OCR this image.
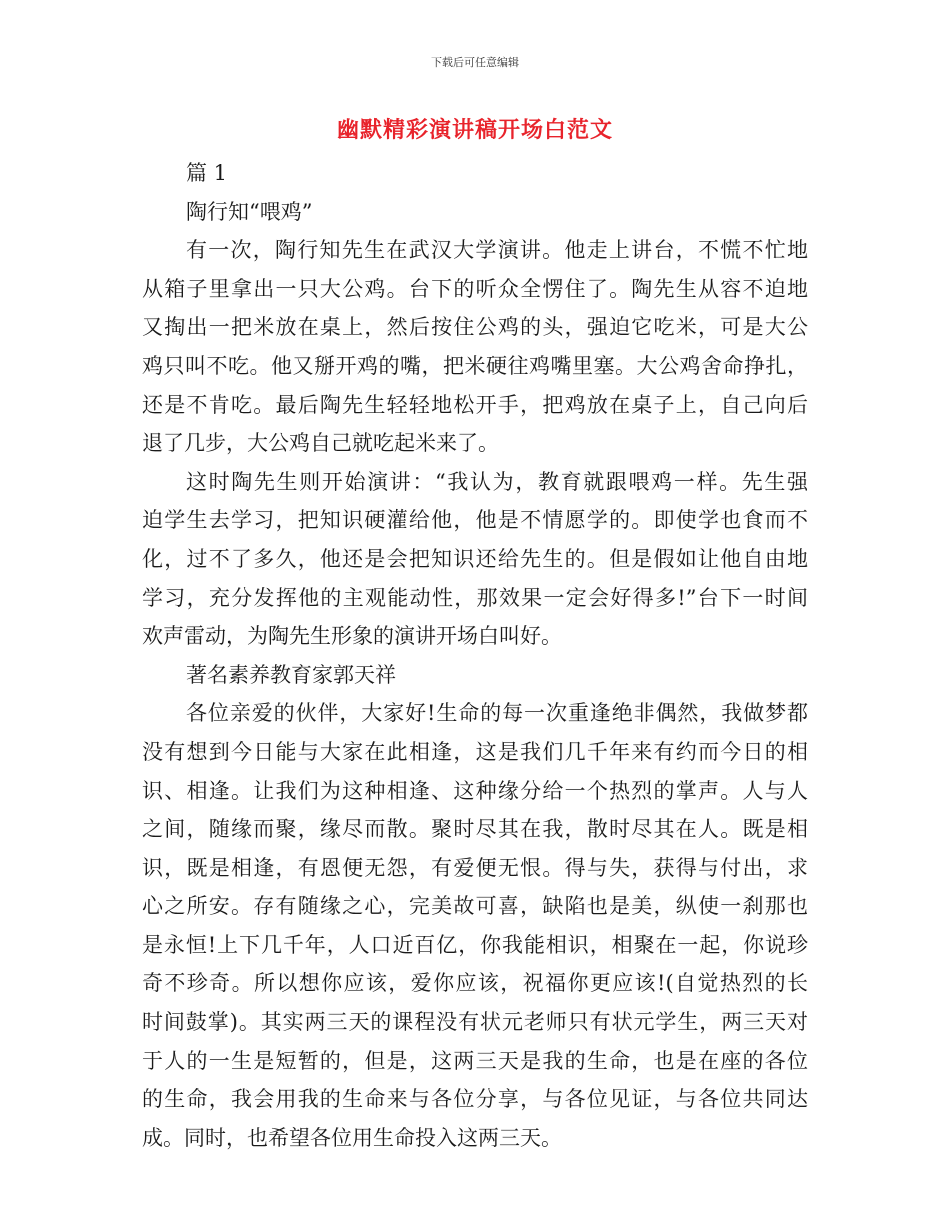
下载后可任意编辑
幽默精彩演讲稿开场白范文
篇 1
陶行知“喂鸡”
有一次，陶行知先生在武汉大学演讲。他走上讲台，不慌不忙地
从箱子里拿出一只大公鸡。台下的听众全愣住了。陶先生从容不迫地
又掏出一把米放在桌上，然后按住公鸡的头，强迫它吃米，可是大公
鸡只叫不吃。他又掰开鸡的嘴，把米硬往鸡嘴里塞。大公鸡舍命挣扎，
还是不肯吃。最后陶先生轻轻地松开手，把鸡放在桌子上，自己向后
退了几步，大公鸡自己就吃起米来了。
这时陶先生则开始演讲：“我认为，教育就跟喂鸡一样。先生强
迫学生去学习，把知识硬灌给他，他是不情愿学的。即使学也食而不
化，过不了多久，他还是会把知识还给先生的。但是假如让他自由地
学习，充分发挥他的主观能动性，那效果一定会好得多!”台下一时间
欢声雷动，为陶先生形象的演讲开场白叫好。
著名素养教育家郭天祥
各位亲爱的伙伴，大家好!生命的每一次重逢绝非偶然，我做梦都
没有想到今日能与大家在此相逢，这是我们几千年来有约而今日的相
识、相逢。让我们为这种相逢、这种缘分给一个热烈的掌声。人与人
之间，随缘而聚，缘尽而散。聚时尽其在我，散时尽其在人。既是相
识，既是相逢，有恩便无怨，有爱便无恨。得与失，获得与付出，求
心之所安。存有随缘之心，完美故可喜，缺陷也是美，纵使一刹那也
是永恒!上下几千年，人口近百亿，你我能相识，相聚在一起，你说珍
奇不珍奇。所以想你应该，爱你应该，祝福你更应该!(自觉热烈的长
时间鼓掌)。其实两三天的课程没有状元老师只有状元学生，两三天对
于人的一生是短暂的，但是，这两三天是我的生命，也是在座的各位
的生命，我会用我的生命来与各位分享，与各位见证，与各位共同达
成。同时，也希望各位用生命投入这两三天。
